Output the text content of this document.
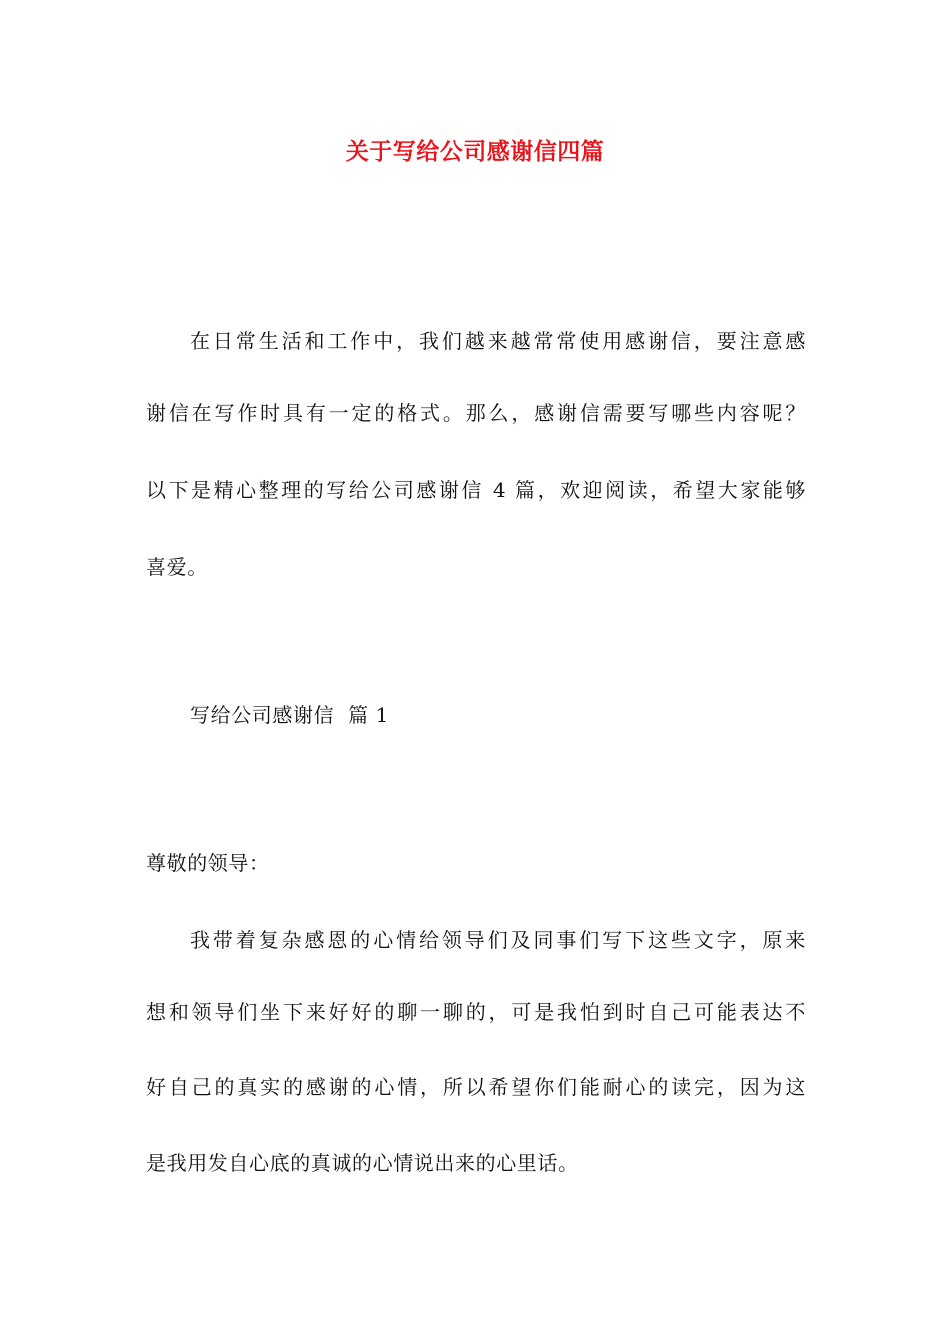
关于写给公司感谢信四篇
在日常生活和工作中，我们越来越常常使用感谢信，要注意感
谢信在写作时具有一定的格式。那么，感谢信需要写哪些内容呢？
以下是精心整理的写给公司感谢信 4 篇，欢迎阅读，希望大家能够
喜爱。
写给公司感谢信  篇 1
尊敬的领导：
我带着复杂感恩的心情给领导们及同事们写下这些文字，原来
想和领导们坐下来好好的聊一聊的，可是我怕到时自己可能表达不
好自己的真实的感谢的心情，所以希望你们能耐心的读完，因为这
是我用发自心底的真诚的心情说出来的心里话。
